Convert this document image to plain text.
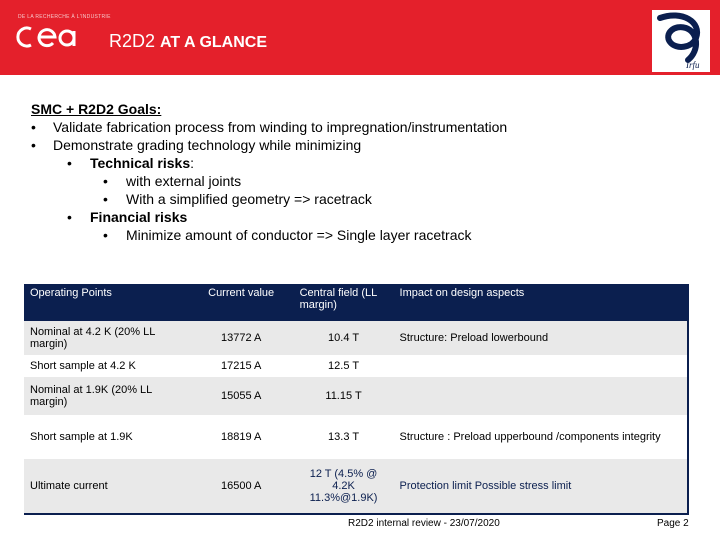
DE LA RECHERCHE À L'INDUSTRIE
R2D2 AT A GLANCE
Irfu
SMC + R2D2 Goals:
• Validate fabrication process from winding to impregnation/instrumentation
• Demonstrate grading technology while minimizing
• Technical risks:
• with external joints
• With a simplified geometry => racetrack
• Financial risks
• Minimize amount of conductor => Single layer racetrack
Operating Points	Current value	Central field (LL margin)	Impact on design aspects
Nominal at 4.2 K (20% LL margin)	13772 A	10.4 T	Structure: Preload lowerbound
Short sample at 4.2 K	17215 A	12.5 T	
Nominal at 1.9K (20% LL margin)	15055 A	11.15 T	
Short sample at 1.9K	18819 A	13.3 T	Structure : Preload upperbound /components integrity
Ultimate current	16500 A	12 T (4.5% @ 4.2K 11.3%@1.9K)	Protection limit Possible stress limit
R2D2 internal review - 23/07/2020	Page 2
